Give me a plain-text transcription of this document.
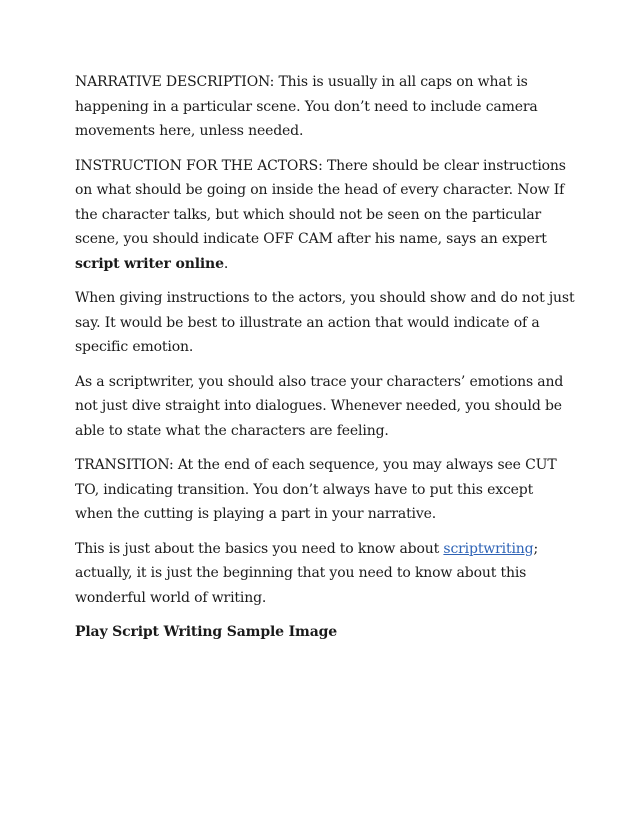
NARRATIVE DESCRIPTION: This is usually in all caps on what is happening in a particular scene. You don’t need to include camera movements here, unless needed.

INSTRUCTION FOR THE ACTORS: There should be clear instructions on what should be going on inside the head of every character. Now If the character talks, but which should not be seen on the particular scene, you should indicate OFF CAM after his name, says an expert script writer online.

When giving instructions to the actors, you should show and do not just say. It would be best to illustrate an action that would indicate of a specific emotion.

As a scriptwriter, you should also trace your characters’ emotions and not just dive straight into dialogues. Whenever needed, you should be able to state what the characters are feeling.

TRANSITION: At the end of each sequence, you may always see CUT TO, indicating transition. You don’t always have to put this except when the cutting is playing a part in your narrative.

This is just about the basics you need to know about scriptwriting; actually, it is just the beginning that you need to know about this wonderful world of writing.

Play Script Writing Sample Image
